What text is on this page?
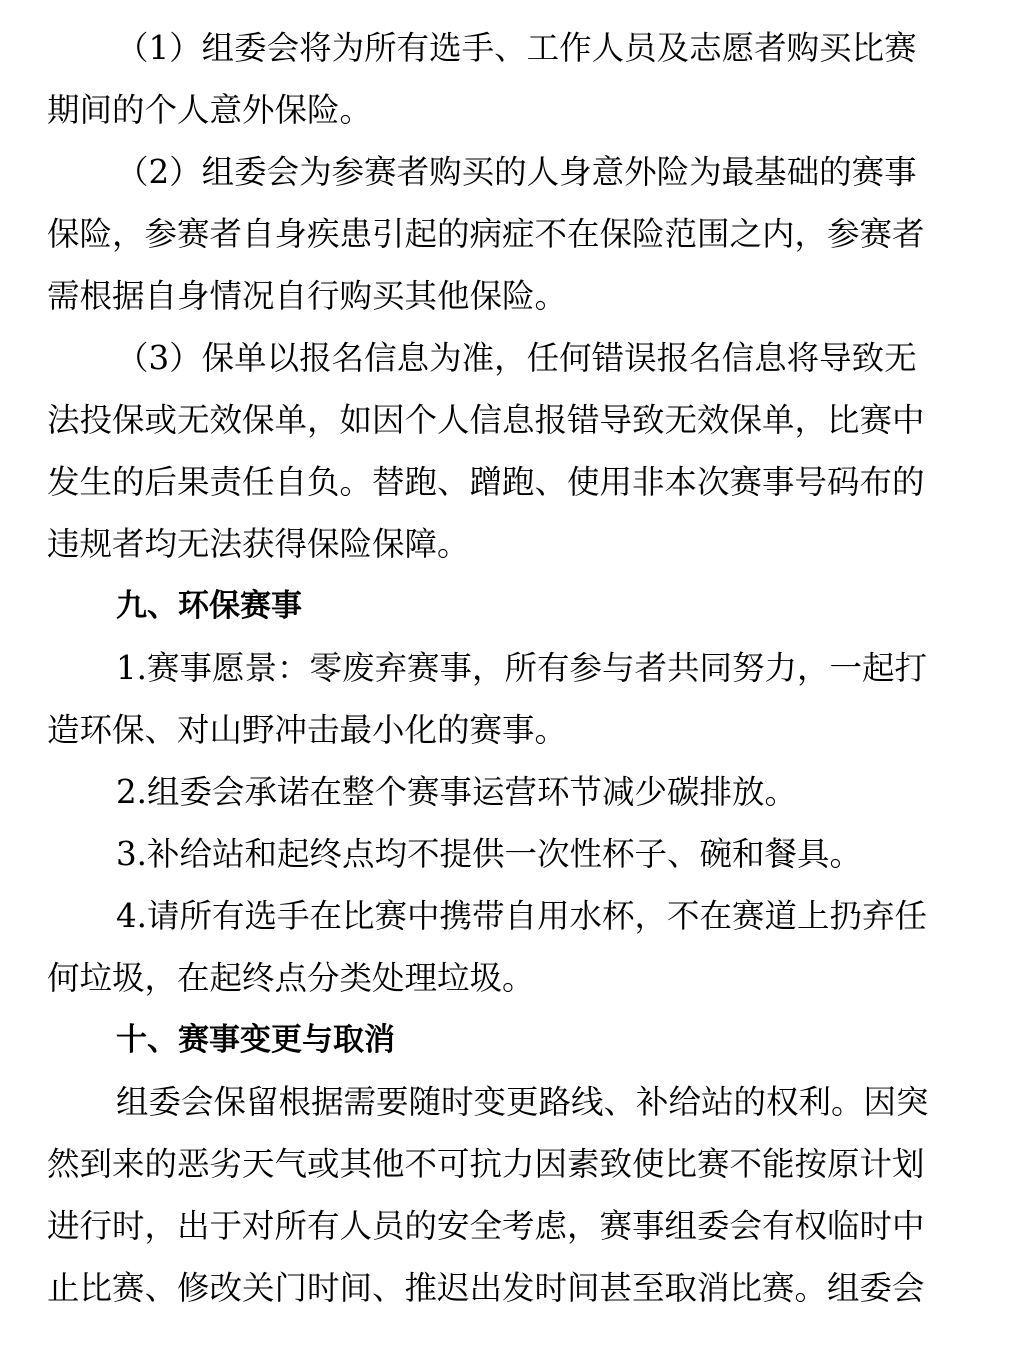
（1）组委会将为所有选手、工作人员及志愿者购买比赛
期间的个人意外保险。
（2）组委会为参赛者购买的人身意外险为最基础的赛事
保险，参赛者自身疾患引起的病症不在保险范围之内，参赛者
需根据自身情况自行购买其他保险。
（3）保单以报名信息为准，任何错误报名信息将导致无
法投保或无效保单，如因个人信息报错导致无效保单，比赛中
发生的后果责任自负。替跑、蹭跑、使用非本次赛事号码布的
违规者均无法获得保险保障。
九、环保赛事
1.赛事愿景：零废弃赛事，所有参与者共同努力，一起打
造环保、对山野冲击最小化的赛事。
2.组委会承诺在整个赛事运营环节减少碳排放。
3.补给站和起终点均不提供一次性杯子、碗和餐具。
4.请所有选手在比赛中携带自用水杯，不在赛道上扔弃任
何垃圾，在起终点分类处理垃圾。
十、赛事变更与取消
组委会保留根据需要随时变更路线、补给站的权利。因突
然到来的恶劣天气或其他不可抗力因素致使比赛不能按原计划
进行时，出于对所有人员的安全考虑，赛事组委会有权临时中
止比赛、修改关门时间、推迟出发时间甚至取消比赛。组委会
